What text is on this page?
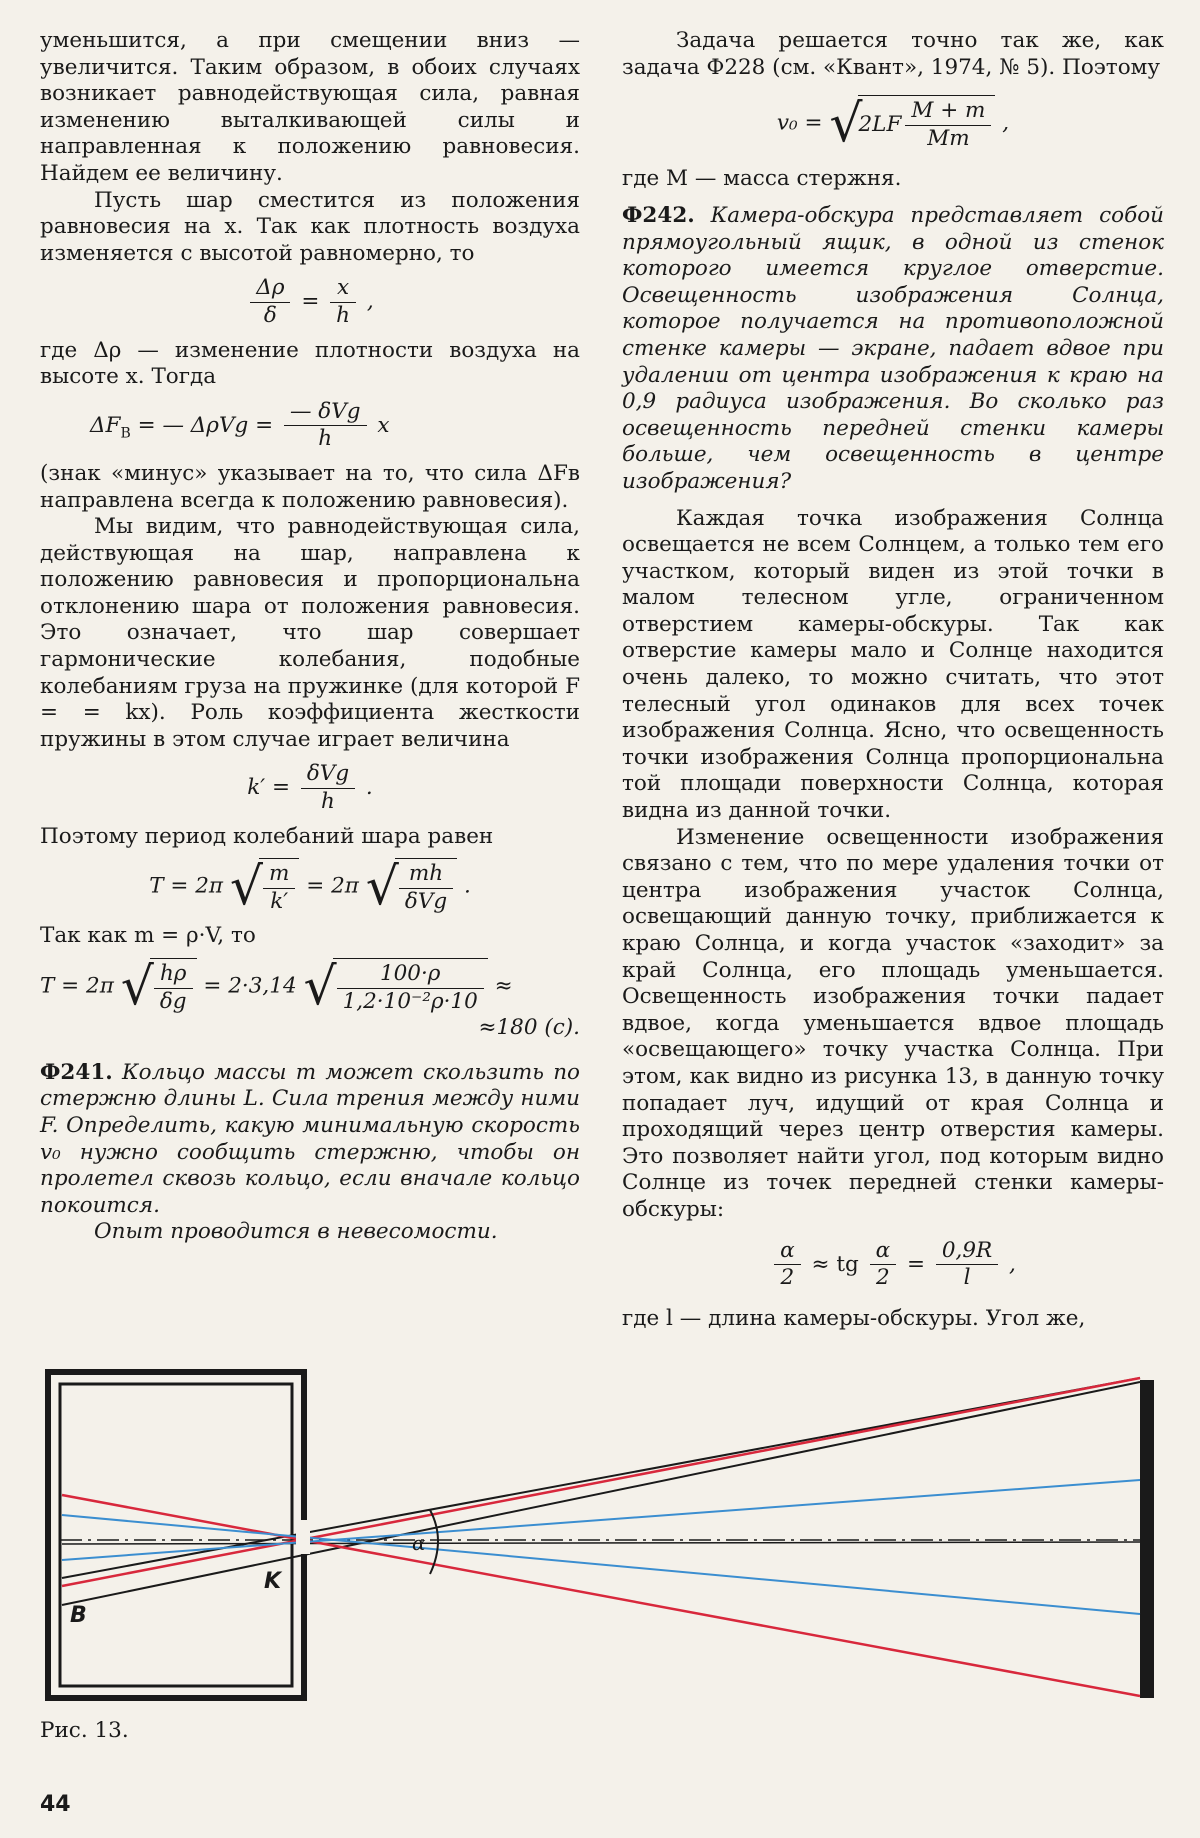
уменьшится, а при смещении вниз — увеличится. Таким образом, в обоих случаях возникает равнодействующая сила, равная изменению выталкивающей силы и направленная к положению равновесия. Найдем ее величину.

Пусть шар сместится из положения равновесия на x. Так как плотность воздуха изменяется с высотой равномерно, то

$\frac{\Delta\rho}{\delta} = \frac{x}{h}$ ,

где Δρ — изменение плотности воздуха на высоте x. Тогда

$\Delta F_В$ = — $\Delta\rho Vg = \frac{\text{— δVg}}{h}$ x

(знак «минус» указывает на то, что сила ΔFв направлена всегда к положению равновесия).

Мы видим, что равнодействующая сила, действующая на шар, направлена к положению равновесия и пропорциональна отклонению шара от положения равновесия. Это означает, что шар совершает гармонические колебания, подобные колебаниям груза на пружинке (для которой F = = kx). Роль коэффициента жесткости пружины в этом случае играет величина

$k' = \frac{\text{δVg}}{h}$ .

Поэтому период колебаний шара равен

T = 2π √ $\frac{m}{k'} = 2\pi$ √ $\frac{mh}{\text{δVg}}$ .

Так как m = ρ·V, то

T = 2π √ $\frac{h\rho}{\delta g} = 2\cdot 3,14$ √ $\frac{100\cdot\rho}{\text{1,2·10⁻²ρ·10}}$ ≈
≈180 (с).

Ф241. Кольцо массы m может скользить по стержню длины L. Сила трения между ними F. Определить, какую минимальную скорость v₀ нужно сообщить стержню, чтобы он пролетел сквозь кольцо, если вначале кольцо покоится.

Опыт проводится в невесомости.

Задача решается точно так же, как задача Ф228 (см. «Квант», 1974, № 5). Поэтому

$v_0 = √2LF \frac{M + m}{Mm}$ ,

где M — масса стержня.

Ф242. Камера-обскура представляет собой прямоугольный ящик, в одной из стенок которого имеется круглое отверстие. Освещенность изображения Солнца, которое получается на противоположной стенке камеры — экране, падает вдвое при удалении от центра изображения к краю на 0,9 радиуса изображения. Во сколько раз освещенность передней стенки камеры больше, чем освещенность в центре изображения?

Каждая точка изображения Солнца освещается не всем Солнцем, а только тем его участком, который виден из этой точки в малом телесном угле, ограниченном отверстием камеры-обскуры. Так как отверстие камеры мало и Солнце находится очень далеко, то можно считать, что этот телесный угол одинаков для всех точек изображения Солнца. Ясно, что освещенность точки изображения Солнца пропорциональна той площади поверхности Солнца, которая видна из данной точки.

Изменение освещенности изображения связано с тем, что по мере удаления точки от центра изображения участок Солнца, освещающий данную точку, приближается к краю Солнца, и когда участок «заходит» за край Солнца, его площадь уменьшается. Освещенность изображения точки падает вдвое, когда уменьшается вдвое площадь «освещающего» точку участка Солнца. При этом, как видно из рисунка 13, в данную точку попадает луч, идущий от края Солнца и проходящий через центр отверстия камеры. Это позволяет найти угол, под которым видно Солнце из точек передней стенки камеры-обскуры:

$\frac{\alpha}{2}$ ≈ tg $\frac{\alpha}{2} = \frac{0,9R}{l}$ ,

где l — длина камеры-обскуры. Угол же,

α
K
B
Рис. 13.
44
